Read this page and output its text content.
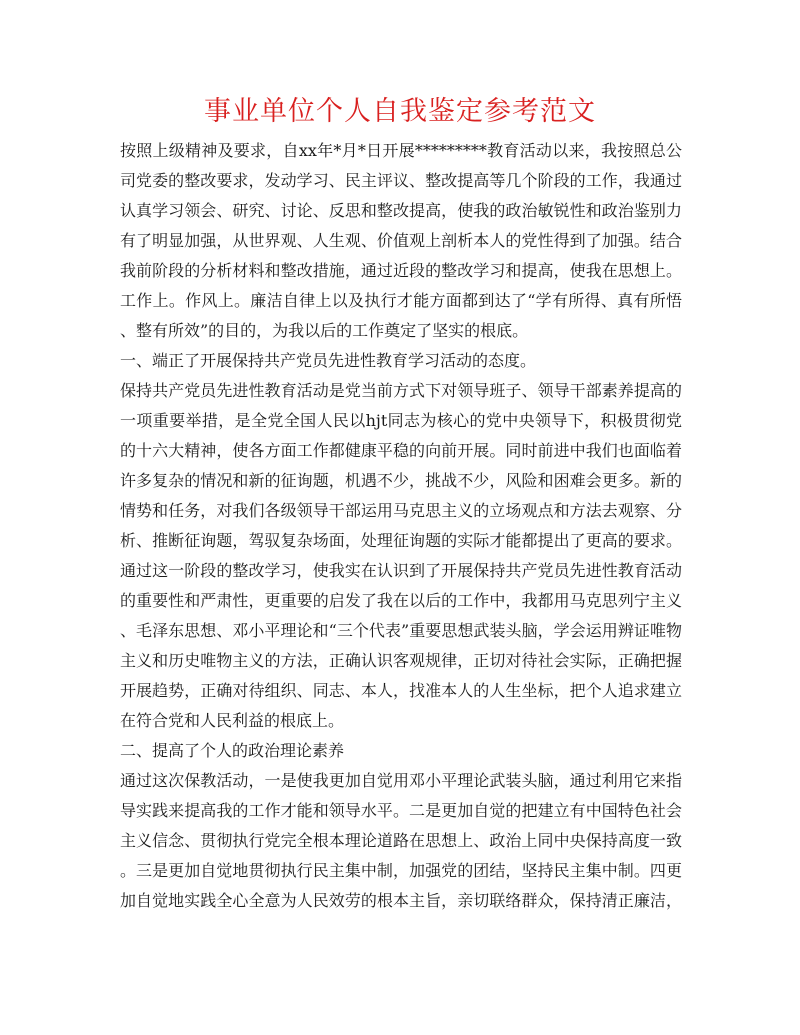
事业单位个人自我鉴定参考范文
按照上级精神及要求，自xx年*月*日开展*********教育活动以来，我按照总公
司党委的整改要求，发动学习、民主评议、整改提高等几个阶段的工作，我通过
认真学习领会、研究、讨论、反思和整改提高，使我的政治敏锐性和政治鉴别力
有了明显加强，从世界观、人生观、价值观上剖析本人的党性得到了加强。结合
我前阶段的分析材料和整改措施，通过近段的整改学习和提高，使我在思想上。
工作上。作风上。廉洁自律上以及执行才能方面都到达了“学有所得、真有所悟
、整有所效”的目的，为我以后的工作奠定了坚实的根底。
一、端正了开展保持共产党员先进性教育学习活动的态度。
保持共产党员先进性教育活动是党当前方式下对领导班子、领导干部素养提高的
一项重要举措，是全党全国人民以hjt同志为核心的党中央领导下，积极贯彻党
的十六大精神，使各方面工作都健康平稳的向前开展。同时前进中我们也面临着
许多复杂的情况和新的征询题，机遇不少，挑战不少，风险和困难会更多。新的
情势和任务，对我们各级领导干部运用马克思主义的立场观点和方法去观察、分
析、推断征询题，驾驭复杂场面，处理征询题的实际才能都提出了更高的要求。
通过这一阶段的整改学习，使我实在认识到了开展保持共产党员先进性教育活动
的重要性和严肃性，更重要的启发了我在以后的工作中，我都用马克思列宁主义
、毛泽东思想、邓小平理论和“三个代表”重要思想武装头脑，学会运用辨证唯物
主义和历史唯物主义的方法，正确认识客观规律，正切对待社会实际，正确把握
开展趋势，正确对待组织、同志、本人，找准本人的人生坐标，把个人追求建立
在符合党和人民利益的根底上。
二、提高了个人的政治理论素养
通过这次保教活动，一是使我更加自觉用邓小平理论武装头脑，通过利用它来指
导实践来提高我的工作才能和领导水平。二是更加自觉的把建立有中国特色社会
主义信念、贯彻执行党完全根本理论道路在思想上、政治上同中央保持高度一致
。三是更加自觉地贯彻执行民主集中制，加强党的团结，坚持民主集中制。四更
加自觉地实践全心全意为人民效劳的根本主旨，亲切联络群众，保持清正廉洁，
